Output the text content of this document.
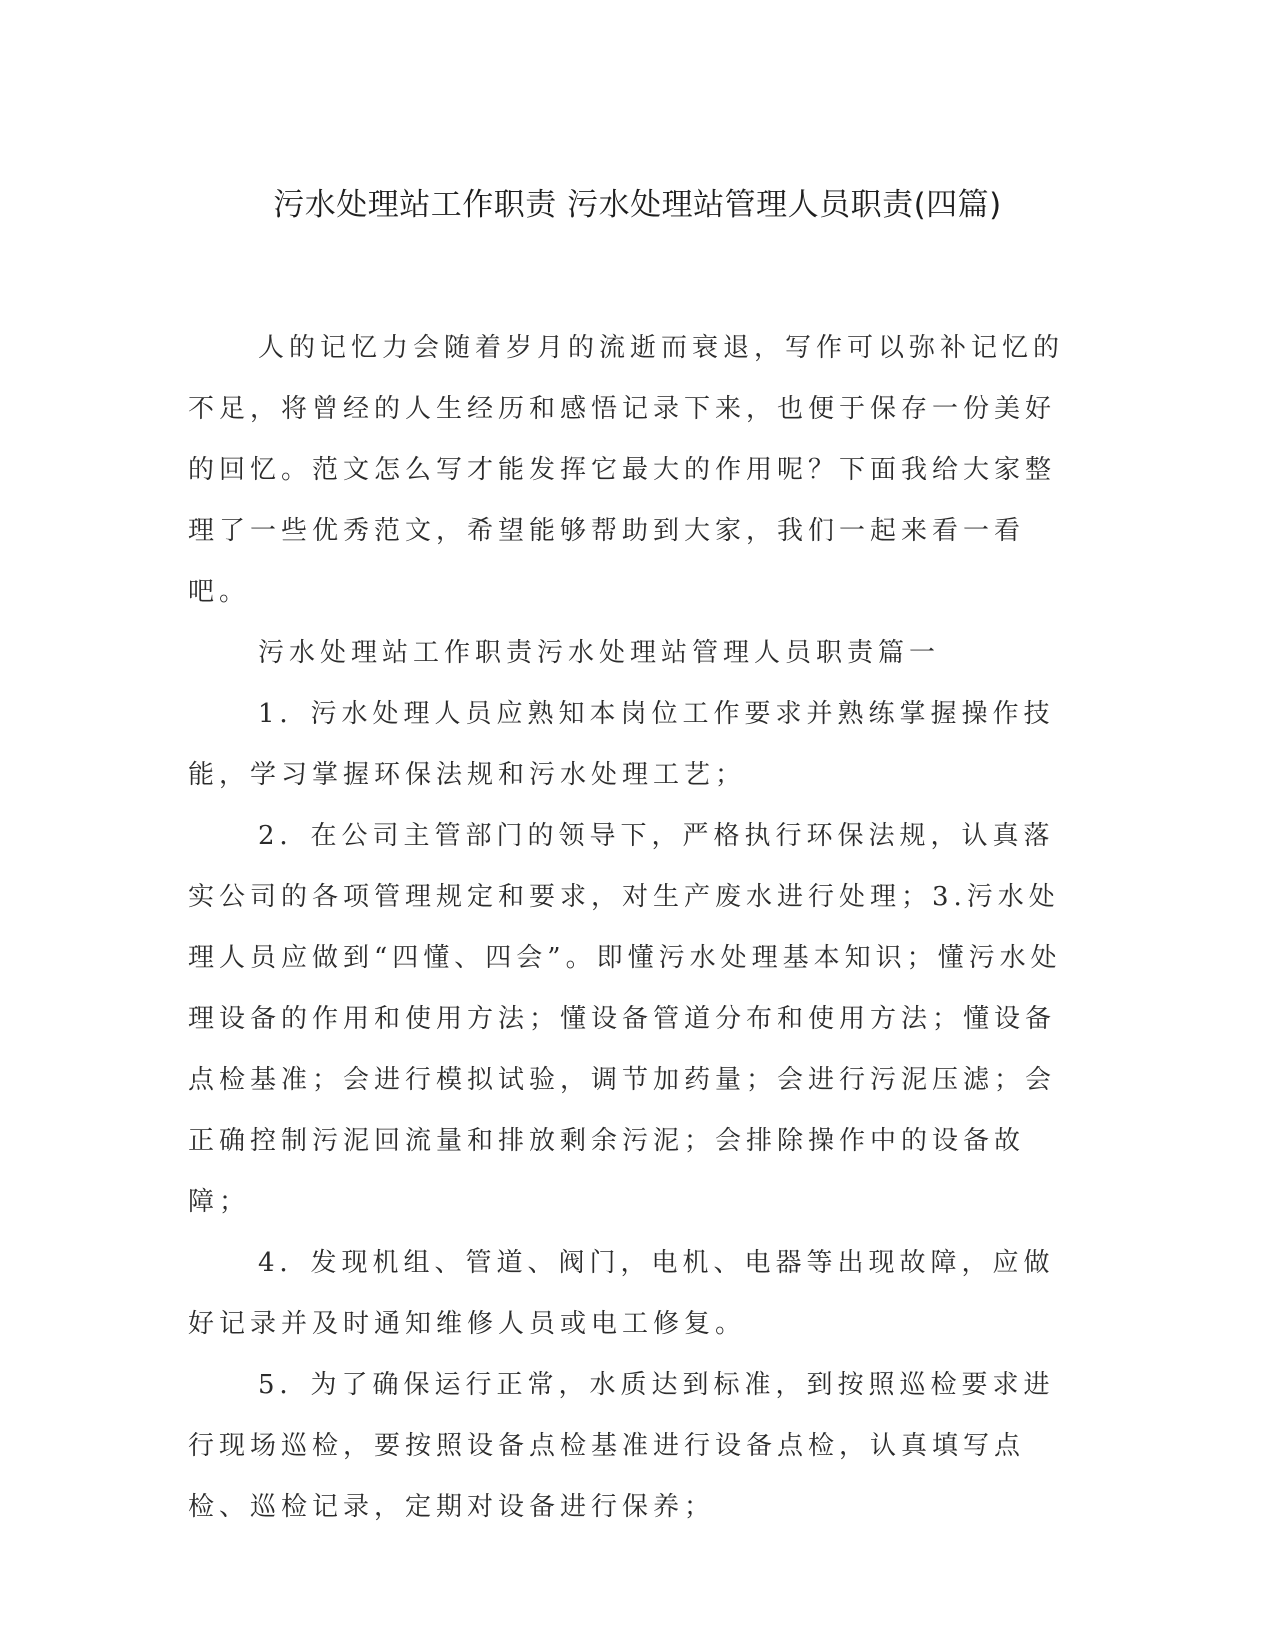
污水处理站工作职责 污水处理站管理人员职责(四篇)

人的记忆力会随着岁月的流逝而衰退，写作可以弥补记忆的不足，将曾经的人生经历和感悟记录下来，也便于保存一份美好的回忆。范文怎么写才能发挥它最大的作用呢？下面我给大家整理了一些优秀范文，希望能够帮助到大家，我们一起来看一看吧。

污水处理站工作职责污水处理站管理人员职责篇一

1．污水处理人员应熟知本岗位工作要求并熟练掌握操作技能，学习掌握环保法规和污水处理工艺；

2．在公司主管部门的领导下，严格执行环保法规，认真落实公司的各项管理规定和要求，对生产废水进行处理；3.污水处理人员应做到“四懂、四会”。即懂污水处理基本知识；懂污水处理设备的作用和使用方法；懂设备管道分布和使用方法；懂设备点检基准；会进行模拟试验，调节加药量；会进行污泥压滤；会正确控制污泥回流量和排放剩余污泥；会排除操作中的设备故障；

4．发现机组、管道、阀门，电机、电器等出现故障，应做好记录并及时通知维修人员或电工修复。

5．为了确保运行正常，水质达到标准，到按照巡检要求进行现场巡检，要按照设备点检基准进行设备点检，认真填写点检、巡检记录，定期对设备进行保养；
